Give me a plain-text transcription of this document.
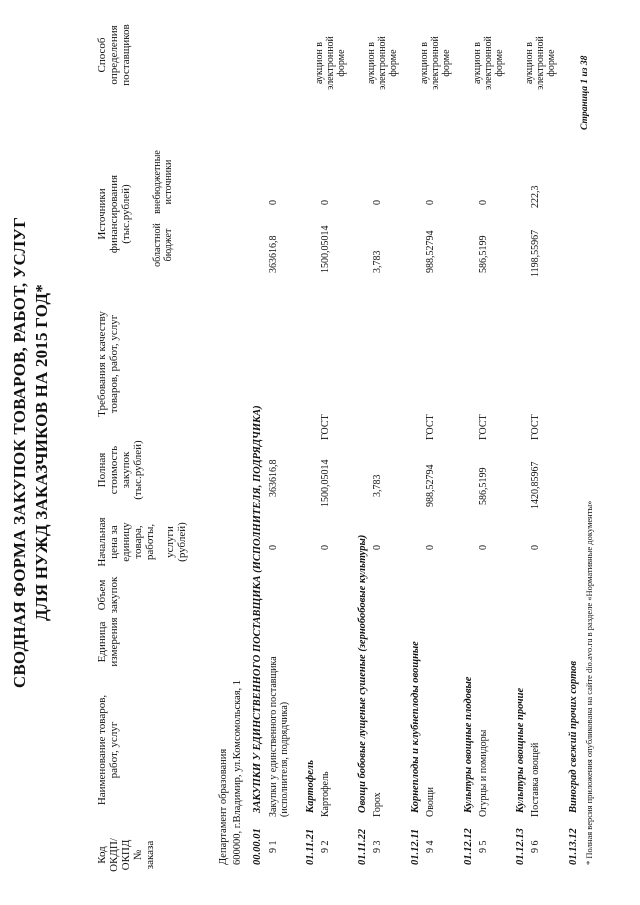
СВОДНАЯ ФОРМА ЗАКУПОК ТОВАРОВ, РАБОТ, УСЛУГ ДЛЯ НУЖД ЗАКАЗЧИКОВ НА 2015 ГОД*
Код ОКДП/ ОКПД № заказа
Наименование товаров, работ, услуг
Единица измерения
Объем закупок
Начальная цена за единицу товара, работы, услуги (рублей)
Полная стоимость закупок (тыс.рублей)
Требования к качеству товаров, работ, услуг
Источники финансирования (тыс.рублей)
областной бюджет
внебюджетные источники
Способ определения поставщиков
Департамент образования 600000, г.Владимир, ул.Комсомольская, 1 00.00.01ЗАКУПКИ У ЕДИНСТВЕННОГО ПОСТАВЩИКА (ИСПОЛНИТЕЛЯ, ПОДРЯДЧИКА)
9 1
Закупки у единственного поставщика (исполнителя, подрядчика)
0
363616,8
363616,8
0
01.11.21Картофель
9 2
Картофель
0
1500,05014
ГОСТ
1500,05014
0
аукцион в электронной форме
01.11.22Овощи бобовые лущеные сушеные (зернобобовые культуры)
9 3
Горох
0
3,783
3,783
0
аукцион в электронной форме
01.12.11Корнеплоды и клубнеплоды овощные
9 4
Овощи
0
988,52794
ГОСТ
988,52794
0
аукцион в электронной форме
01.12.12Культуры овощные плодовые
9 5
Огурцы и помидоры
0
586,5199
ГОСТ
586,5199
0
аукцион в электронной форме
01.12.13Культуры овощные прочие
9 6
Поставка овощей
0
1420,85967
ГОСТ
1198,55967
222,3
аукцион в электронной форме
01.13.12Виноград свежий прочих сортов * Полная версия приложения опубликована на сайте dio.avo.ru в разделе «Нормативные документы»
Страница 1 из 38
